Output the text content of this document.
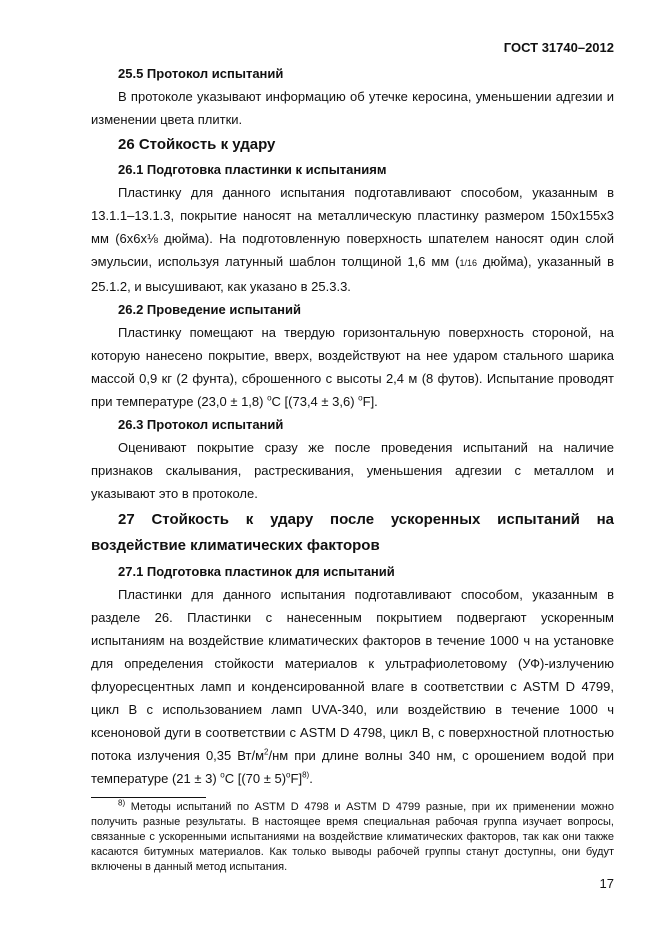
ГОСТ 31740–2012

25.5 Протокол испытаний

В протоколе указывают информацию об утечке керосина, уменьшении адгезии и изменении цвета плитки.

26 Стойкость к удару

26.1 Подготовка пластинки к испытаниям

Пластинку для данного испытания подготавливают способом, указанным в 13.1.1–13.1.3, покрытие наносят на металлическую пластинку размером 150x155x3 мм (6x6x⅛ дюйма). На подготовленную поверхность шпателем наносят один слой эмульсии, используя латунный шаблон толщиной 1,6 мм (1/16 дюйма), указанный в 25.1.2, и высушивают, как указано в 25.3.3.

26.2 Проведение испытаний

Пластинку помещают на твердую горизонтальную поверхность стороной, на которую нанесено покрытие, вверх, воздействуют на нее ударом стального шарика массой 0,9 кг (2 фунта), сброшенного с высоты 2,4 м (8 футов). Испытание проводят при температуре (23,0 ± 1,8) $^o$C [(73,4 ± 3,6) $^o$F].

26.3 Протокол испытаний

Оценивают покрытие сразу же после проведения испытаний на наличие признаков скалывания, растрескивания, уменьшения адгезии с металлом и указывают это в протоколе.

27 Стойкость к удару после ускоренных испытаний на воздействие климатических факторов

27.1 Подготовка пластинок для испытаний

Пластинки для данного испытания подготавливают способом, указанным в разделе 26. Пластинки с нанесенным покрытием подвергают ускоренным испытаниям на воздействие климатических факторов в течение 1000 ч на установке для определения стойкости материалов к ультрафиолетовому (УФ)-излучению флуоресцентных ламп и конденсированной влаге в соответствии с ASTM D 4799, цикл В с использованием ламп UVA-340, или воздействию в течение 1000 ч ксеноновой дуги в соответствии с ASTM D 4798, цикл В, с поверхностной плотностью потока излучения 0,35 $Вт/м^2/нм$ при длине волны 340 нм, с орошением водой при температуре (21 ± 3) $^o$C $[(70 \pm 5)^oF]^{8)}$.

$^{8)}$ Методы испытаний по ASTM D 4798 и ASTM D 4799 разные, при их применении можно получить разные результаты. В настоящее время специальная рабочая группа изучает вопросы, связанные с ускоренными испытаниями на воздействие климатических факторов, так как они также касаются битумных материалов. Как только выводы рабочей группы станут доступны, они будут включены в данный метод испытания.

17
